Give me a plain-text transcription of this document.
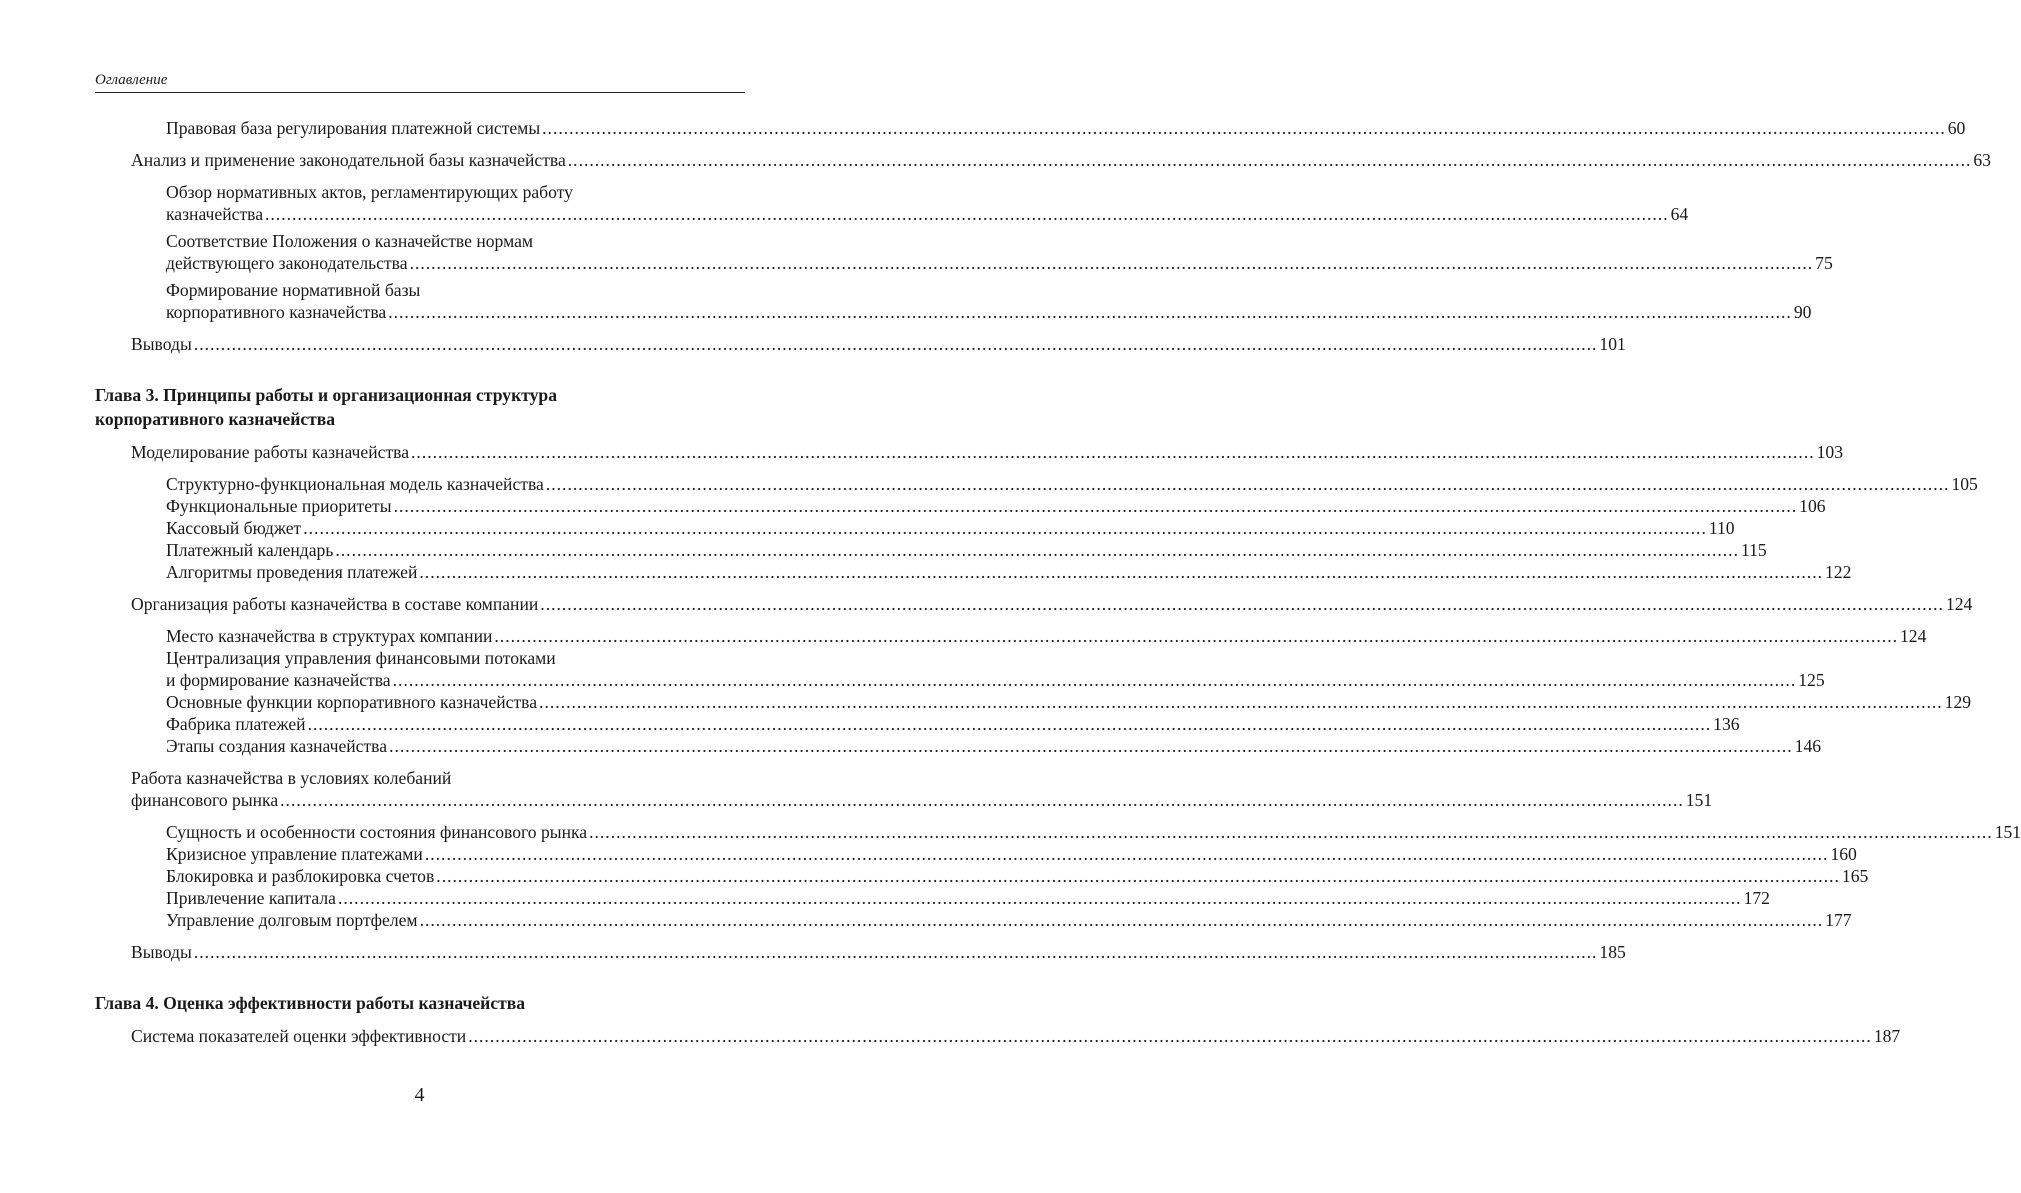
Оглавление
Правовая база регулирования платежной системы .................................................................................................................................................................................................................................................................... 60
Анализ и применение законодательной базы казначейства .................................................................................................................................................................................................................................................................... 63
Обзор нормативных актов, регламентирующих работу
казначейства .................................................................................................................................................................................................................................................................... 64
Соответствие Положения о казначействе нормам
действующего законодательства .................................................................................................................................................................................................................................................................... 75
Формирование нормативной базы
корпоративного казначейства .................................................................................................................................................................................................................................................................... 90
Выводы .................................................................................................................................................................................................................................................................... 101
Глава 3. Принципы работы и организационная структура
корпоративного казначейства
Моделирование работы казначейства .................................................................................................................................................................................................................................................................... 103
Структурно-функциональная модель казначейства .................................................................................................................................................................................................................................................................... 105
Функциональные приоритеты .................................................................................................................................................................................................................................................................... 106
Кассовый бюджет .................................................................................................................................................................................................................................................................... 110
Платежный календарь .................................................................................................................................................................................................................................................................... 115
Алгоритмы проведения платежей .................................................................................................................................................................................................................................................................... 122
Организация работы казначейства в составе компании .................................................................................................................................................................................................................................................................... 124
Место казначейства в структурах компании .................................................................................................................................................................................................................................................................... 124
Централизация управления финансовыми потоками
и формирование казначейства .................................................................................................................................................................................................................................................................... 125
Основные функции корпоративного казначейства .................................................................................................................................................................................................................................................................... 129
Фабрика платежей .................................................................................................................................................................................................................................................................... 136
Этапы создания казначейства .................................................................................................................................................................................................................................................................... 146
Работа казначейства в условиях колебаний
финансового рынка .................................................................................................................................................................................................................................................................... 151
Сущность и особенности состояния финансового рынка .................................................................................................................................................................................................................................................................... 151
Кризисное управление платежами .................................................................................................................................................................................................................................................................... 160
Блокировка и разблокировка счетов .................................................................................................................................................................................................................................................................... 165
Привлечение капитала .................................................................................................................................................................................................................................................................... 172
Управление долговым портфелем .................................................................................................................................................................................................................................................................... 177
Выводы .................................................................................................................................................................................................................................................................... 185
Глава 4. Оценка эффективности работы казначейства
Система показателей оценки эффективности .................................................................................................................................................................................................................................................................... 187
4
